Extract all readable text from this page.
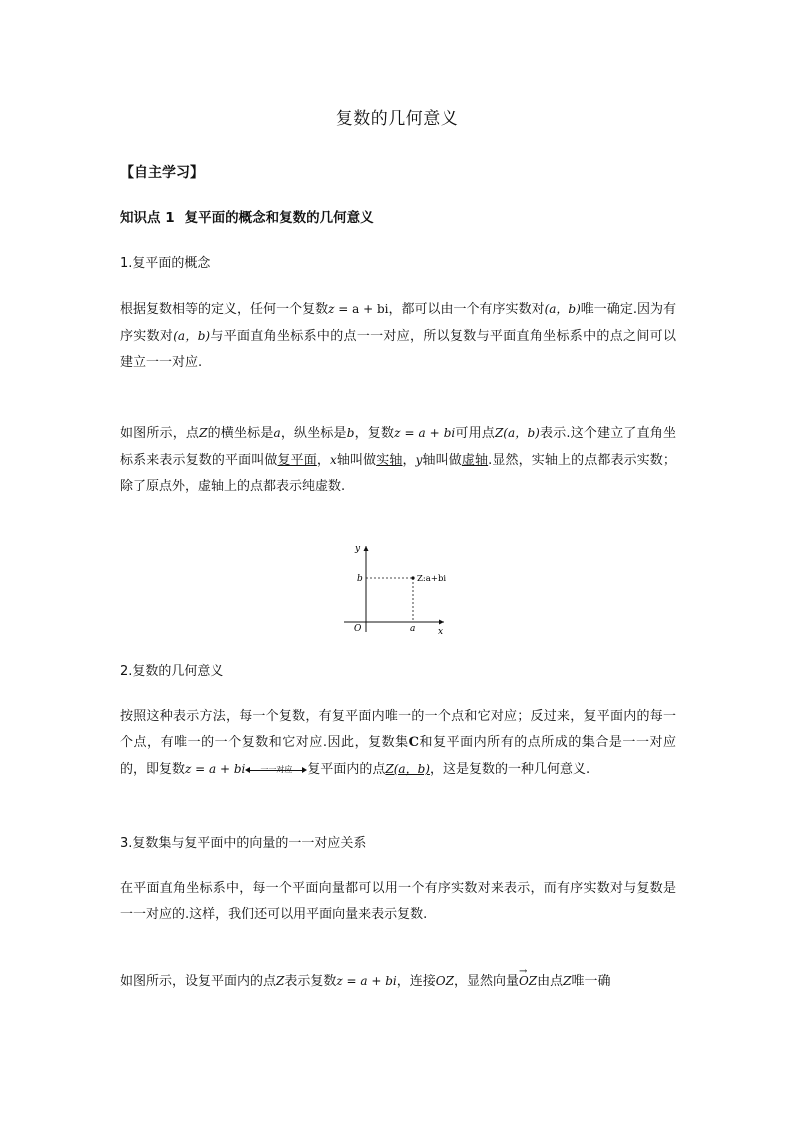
复数的几何意义
【自主学习】
知识点 1 复平面的概念和复数的几何意义
1.复平面的概念
根据复数相等的定义，任何一个复数z = a + bi，都可以由一个有序实数对(a，b)唯一确定.因为有序实数对(a，b)与平面直角坐标系中的点一一对应，所以复数与平面直角坐标系中的点之间可以建立一一对应.
如图所示，点Z的横坐标是a，纵坐标是b，复数z = a + bi可用点Z(a，b)表示.这个建立了直角坐标系来表示复数的平面叫做复平面，x轴叫做实轴，y轴叫做虚轴.显然，实轴上的点都表示实数；除了原点外，虚轴上的点都表示纯虚数.
y
x
O
b
a
Z:a+bi
2.复数的几何意义
按照这种表示方法，每一个复数，有复平面内唯一的一个点和它对应；反过来，复平面内的每一个点，有唯一的一个复数和它对应.因此，复数集C和复平面内所有的点所成的集合是一一对应的，即复数z = a + bi	一一对应	复平面内的点Z(a，b)，这是复数的一种几何意义.
3.复数集与复平面中的向量的一一对应关系
在平面直角坐标系中，每一个平面向量都可以用一个有序实数对来表示，而有序实数对与复数是一一对应的.这样，我们还可以用平面向量来表示复数.
如图所示，设复平面内的点Z表示复数z = a + bi，连接OZ，显然向量→ OZ由点Z唯一确
